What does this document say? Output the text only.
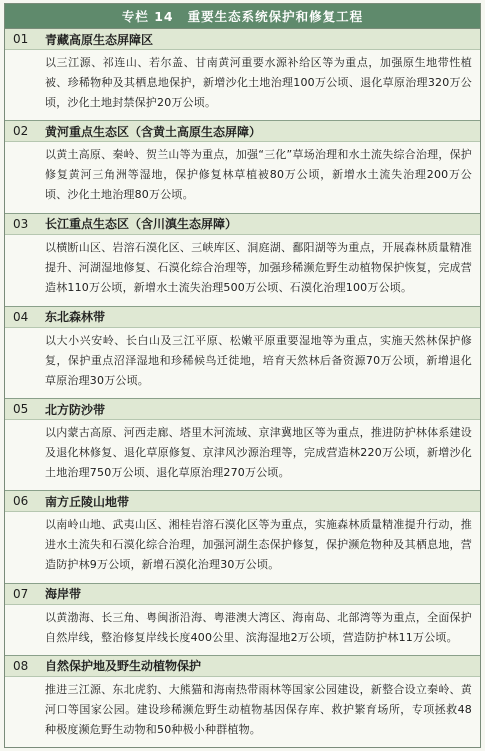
专栏 14 重要生态系统保护和修复工程
01	青藏高原生态屏障区
以三江源、祁连山、若尔盖、甘南黄河重要水源补给区等为重点，加强原生地带性植被、珍稀物种及其栖息地保护，新增沙化土地治理100万公顷、退化草原治理320万公顷，沙化土地封禁保护20万公顷。
02	黄河重点生态区（含黄土高原生态屏障）
以黄土高原、秦岭、贺兰山等为重点，加强“三化”草场治理和水土流失综合治理，保护修复黄河三角洲等湿地，保护修复林草植被80万公顷，新增水土流失治理200万公顷、沙化土地治理80万公顷。
03	长江重点生态区（含川滇生态屏障）
以横断山区、岩溶石漠化区、三峡库区、洞庭湖、鄱阳湖等为重点，开展森林质量精准提升、河湖湿地修复、石漠化综合治理等，加强珍稀濒危野生动植物保护恢复，完成营造林110万公顷，新增水土流失治理500万公顷、石漠化治理100万公顷。
04	东北森林带
以大小兴安岭、长白山及三江平原、松嫩平原重要湿地等为重点，实施天然林保护修复，保护重点沼泽湿地和珍稀候鸟迁徙地，培育天然林后备资源70万公顷，新增退化草原治理30万公顷。
05	北方防沙带
以内蒙古高原、河西走廊、塔里木河流域、京津冀地区等为重点，推进防护林体系建设及退化林修复、退化草原修复、京津风沙源治理等，完成营造林220万公顷，新增沙化土地治理750万公顷、退化草原治理270万公顷。
06	南方丘陵山地带
以南岭山地、武夷山区、湘桂岩溶石漠化区等为重点，实施森林质量精准提升行动，推进水土流失和石漠化综合治理，加强河湖生态保护修复，保护濒危物种及其栖息地，营造防护林9万公顷，新增石漠化治理30万公顷。
07	海岸带
以黄渤海、长三角、粤闽浙沿海、粤港澳大湾区、海南岛、北部湾等为重点，全面保护自然岸线，整治修复岸线长度400公里、滨海湿地2万公顷，营造防护林11万公顷。
08	自然保护地及野生动植物保护
推进三江源、东北虎豹、大熊猫和海南热带雨林等国家公园建设，新整合设立秦岭、黄河口等国家公园。建设珍稀濒危野生动植物基因保存库、救护繁育场所，专项拯救48种极度濒危野生动物和50种极小种群植物。
